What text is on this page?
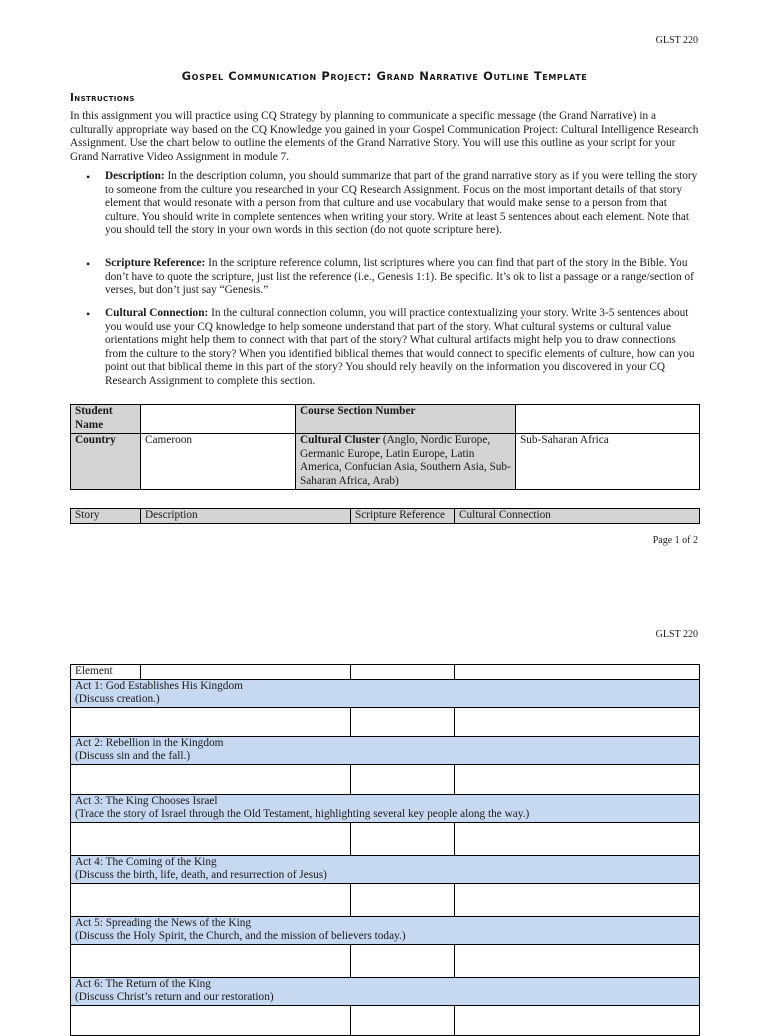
GLST 220
Gospel Communication Project: Grand Narrative Outline Template
Instructions
In this assignment you will practice using CQ Strategy by planning to communicate a specific message (the Grand Narrative) in a culturally appropriate way based on the CQ Knowledge you gained in your Gospel Communication Project: Cultural Intelligence Research Assignment. Use the chart below to outline the elements of the Grand Narrative Story. You will use this outline as your script for your Grand Narrative Video Assignment in module 7.
• Description: In the description column, you should summarize that part of the grand narrative story as if you were telling the story to someone from the culture you researched in your CQ Research Assignment. Focus on the most important details of that story element that would resonate with a person from that culture and use vocabulary that would make sense to a person from that culture. You should write in complete sentences when writing your story. Write at least 5 sentences about each element. Note that you should tell the story in your own words in this section (do not quote scripture here).
• Scripture Reference: In the scripture reference column, list scriptures where you can find that part of the story in the Bible. You don’t have to quote the scripture, just list the reference (i.e., Genesis 1:1). Be specific. It’s ok to list a passage or a range/section of verses, but don’t just say “Genesis.”
• Cultural Connection: In the cultural connection column, you will practice contextualizing your story. Write 3-5 sentences about you would use your CQ knowledge to help someone understand that part of the story. What cultural systems or cultural value orientations might help them to connect with that part of the story? What cultural artifacts might help you to draw connections from the culture to the story? When you identified biblical themes that would connect to specific elements of culture, how can you point out that biblical theme in this part of the story? You should rely heavily on the information you discovered in your CQ Research Assignment to complete this section.
Student Name		Course Section Number	
Country	Cameroon	Cultural Cluster (Anglo, Nordic Europe, Germanic Europe, Latin Europe, Latin America, Confucian Asia, Southern Asia, Sub-Saharan Africa, Arab)	Sub-Saharan Africa
Story	Description	Scripture Reference	Cultural Connection
Page 1 of 2
GLST 220
Element			
Act 1: God Establishes His Kingdom
(Discuss creation.)			

Act 2: Rebellion in the Kingdom
(Discuss sin and the fall.)			

Act 3: The King Chooses Israel
(Trace the story of Israel through the Old Testament, highlighting several key people along the way.)			

Act 4: The Coming of the King
(Discuss the birth, life, death, and resurrection of Jesus)			

Act 5: Spreading the News of the King
(Discuss the Holy Spirit, the Church, and the mission of believers today.)			

Act 6: The Return of the King
(Discuss Christ’s return and our restoration)			
